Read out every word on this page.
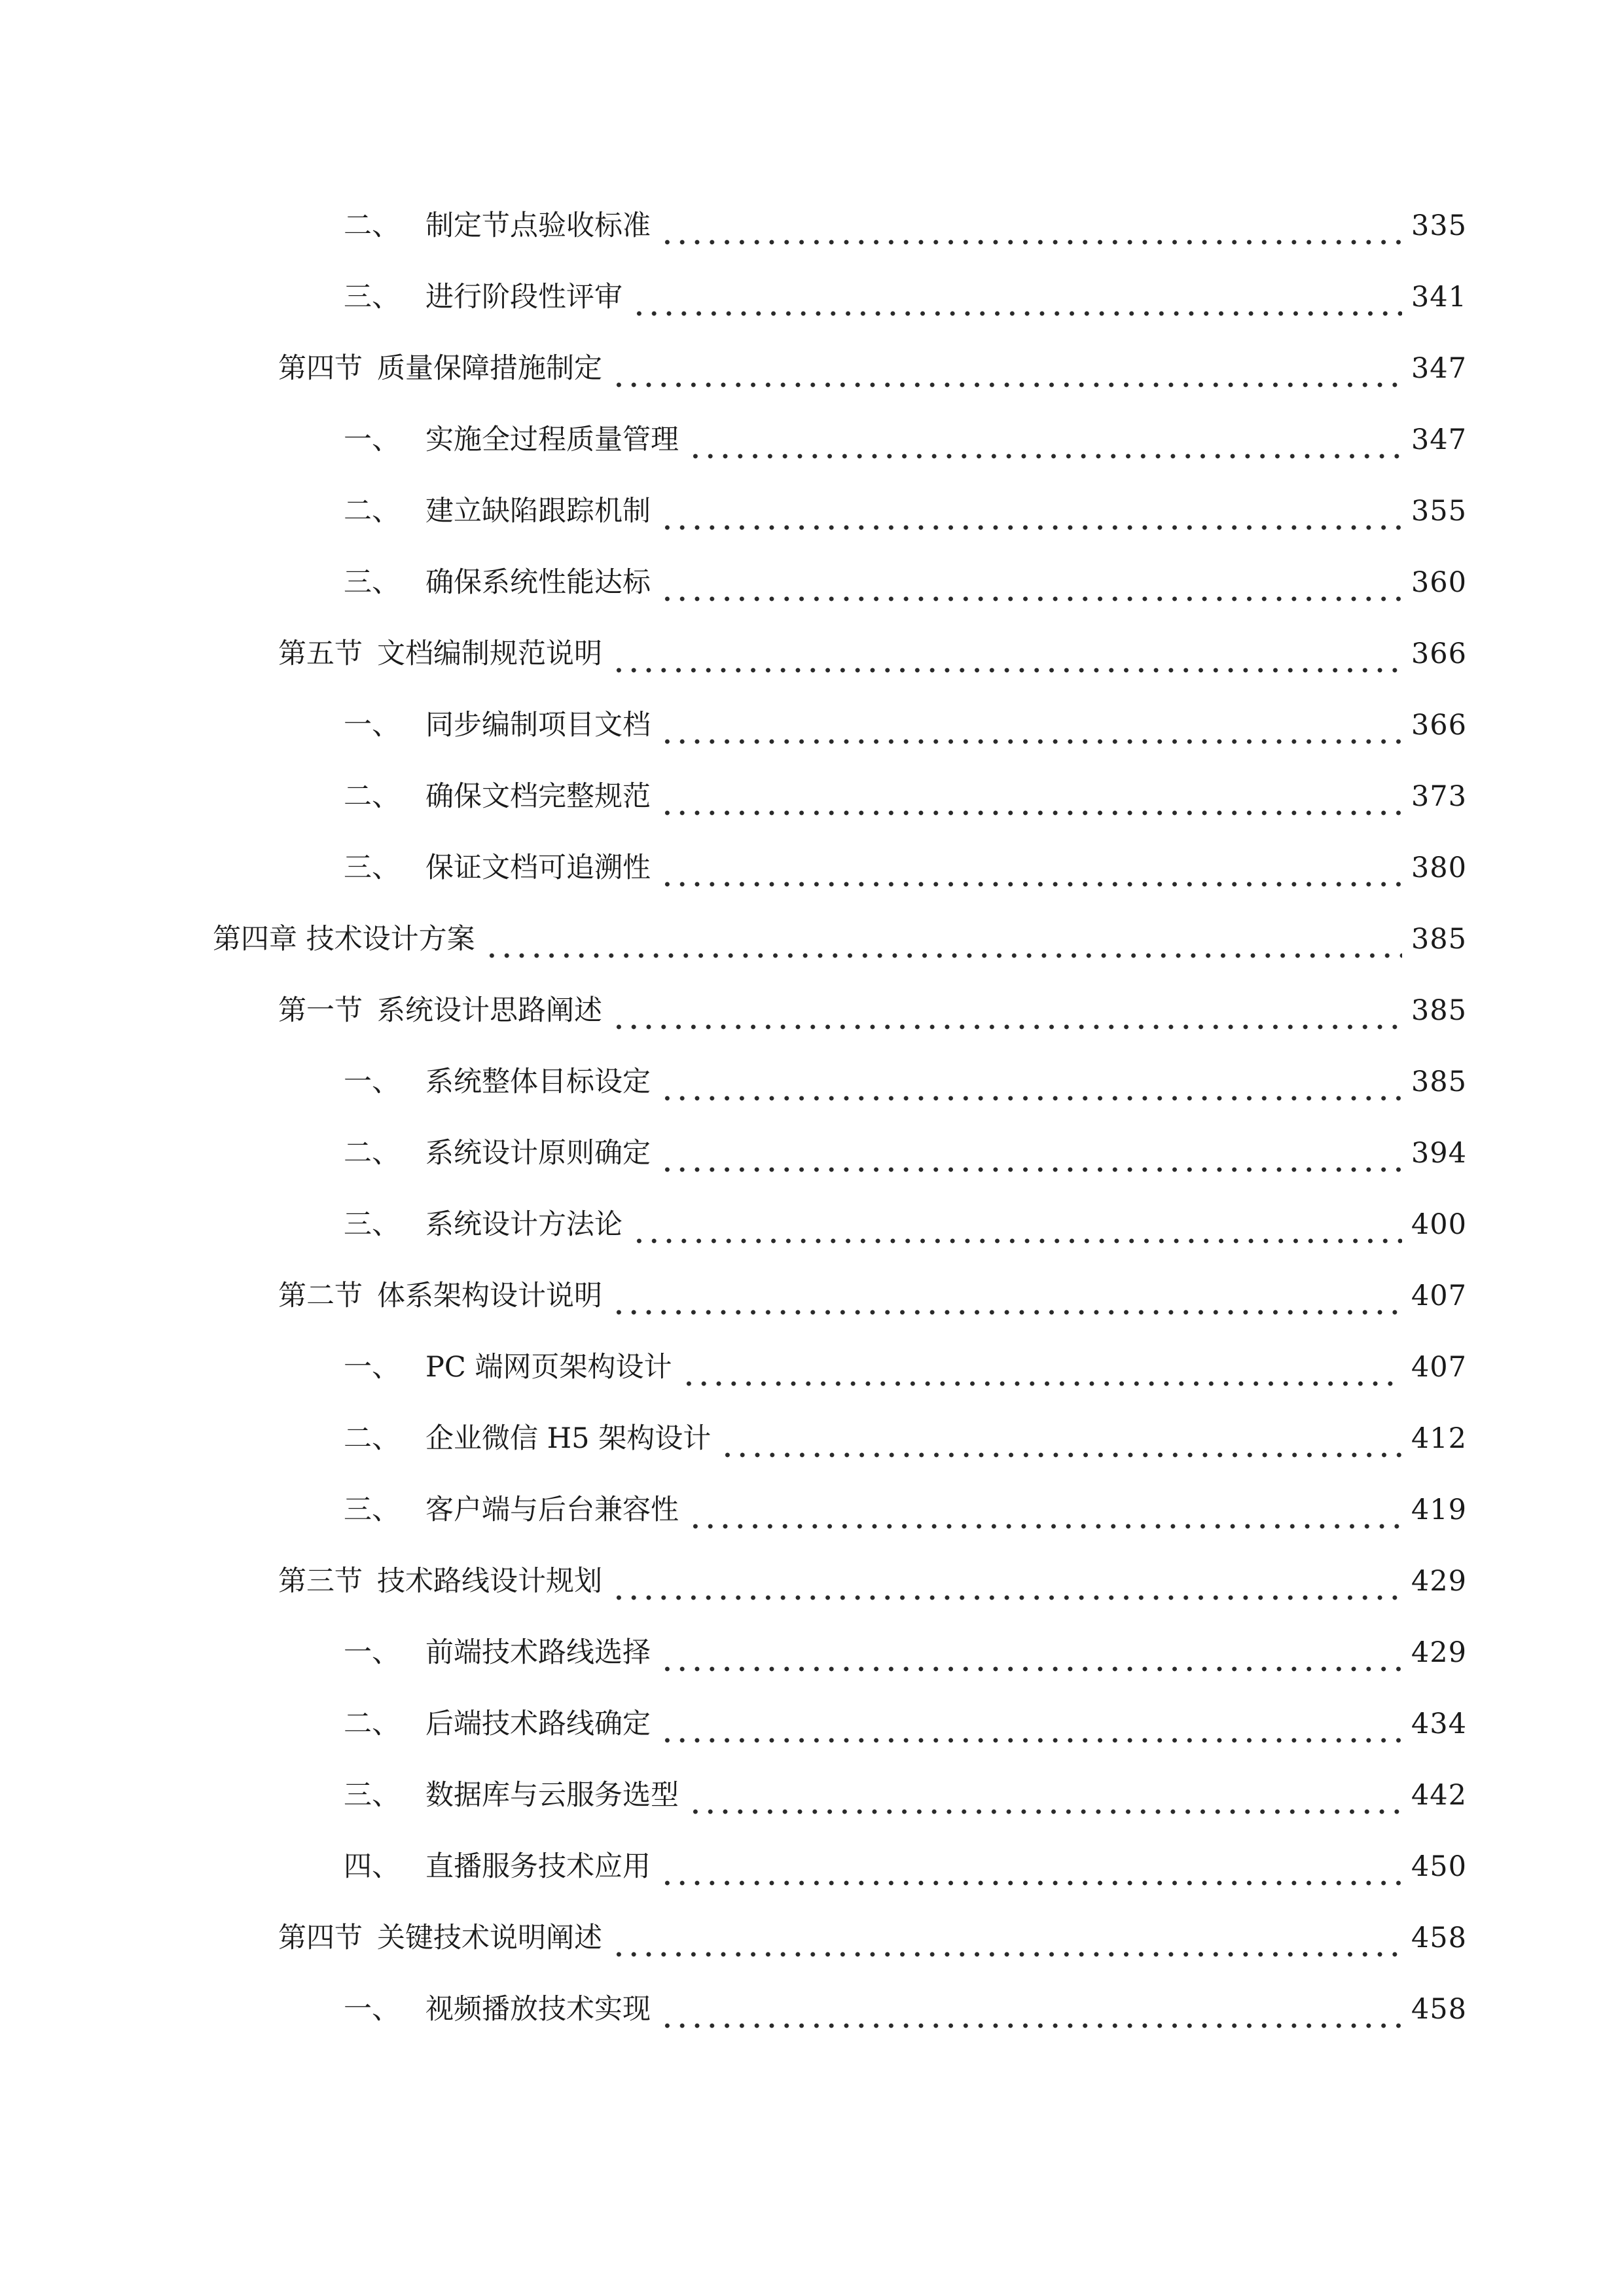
二、 制定节点验收标准	335
三、 进行阶段性评审	341
第四节 质量保障措施制定	347
一、 实施全过程质量管理	347
二、 建立缺陷跟踪机制	355
三、 确保系统性能达标	360
第五节 文档编制规范说明	366
一、 同步编制项目文档	366
二、 确保文档完整规范	373
三、 保证文档可追溯性	380
第四章 技术设计方案	385
第一节 系统设计思路阐述	385
一、 系统整体目标设定	385
二、 系统设计原则确定	394
三、 系统设计方法论	400
第二节 体系架构设计说明	407
一、 PC 端网页架构设计	407
二、 企业微信 H5 架构设计	412
三、 客户端与后台兼容性	419
第三节 技术路线设计规划	429
一、 前端技术路线选择	429
二、 后端技术路线确定	434
三、 数据库与云服务选型	442
四、 直播服务技术应用	450
第四节 关键技术说明阐述	458
一、 视频播放技术实现	458
